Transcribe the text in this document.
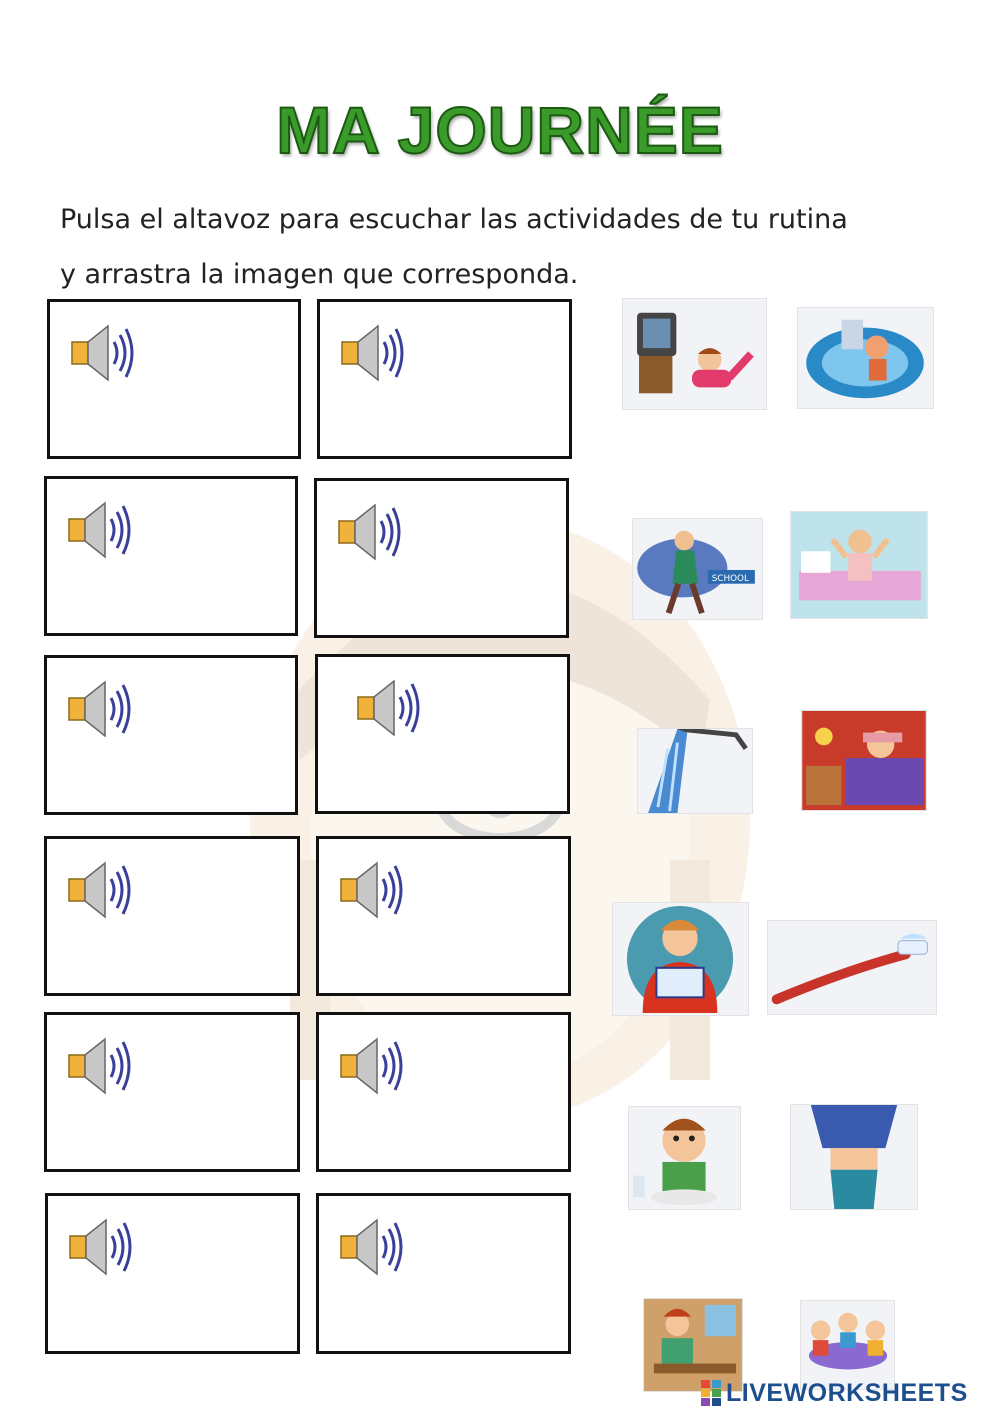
MA JOURNÉE
Pulsa el altavoz para escuchar las actividades de tu rutina
y arrastra la imagen que corresponda.
SCHOOL
LIVEWORKSHEETS
